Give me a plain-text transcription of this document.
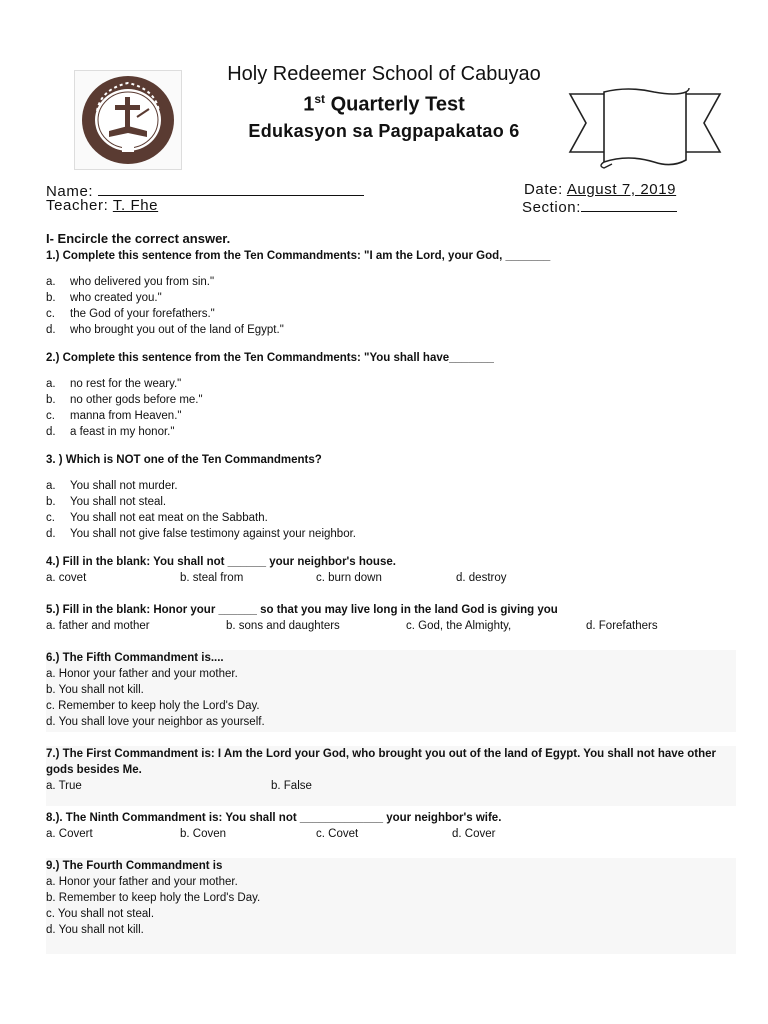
Holy Redeemer School of Cabuyao
1st Quarterly Test
Edukasyon sa Pagpapakatao 6
Name:	Date: August 7, 2019
Teacher: T. Fhe	Section:
I- Encircle the correct answer.
1.) Complete this sentence from the Ten Commandments: "I am the Lord, your God, _______
a.	who delivered you from sin."
b.	who created you."
c.	the God of your forefathers."
d.	who brought you out of the land of Egypt."
2.) Complete this sentence from the Ten Commandments: "You shall have_______
a.	no rest for the weary."
b.	no other gods before me."
c.	manna from Heaven."
d.	a feast in my honor."
3. ) Which is NOT one of the Ten Commandments?
a.	You shall not murder.
b.	You shall not steal.
c.	You shall not eat meat on the Sabbath.
d.	You shall not give false testimony against your neighbor.
4.) Fill in the blank: You shall not ______ your neighbor's house.
a. covet	b. steal from	c. burn down	d. destroy
5.) Fill in the blank: Honor your ______ so that you may live long in the land God is giving you
a. father and mother	b. sons and daughters	c. God, the Almighty,	d. Forefathers
6.) The Fifth Commandment is....
a. Honor your father and your mother.
b. You shall not kill.
c. Remember to keep holy the Lord's Day.
d. You shall love your neighbor as yourself.
7.) The First Commandment is: I Am the Lord your God, who brought you out of the land of Egypt. You shall not have other gods besides Me.
a. True	b. False
8.). The Ninth Commandment is: You shall not _____________ your neighbor's wife.
a. Covert	b. Coven	c. Covet	d. Cover
9.) The Fourth Commandment is
a. Honor your father and your mother.
b. Remember to keep holy the Lord's Day.
c. You shall not steal.
d. You shall not kill.
